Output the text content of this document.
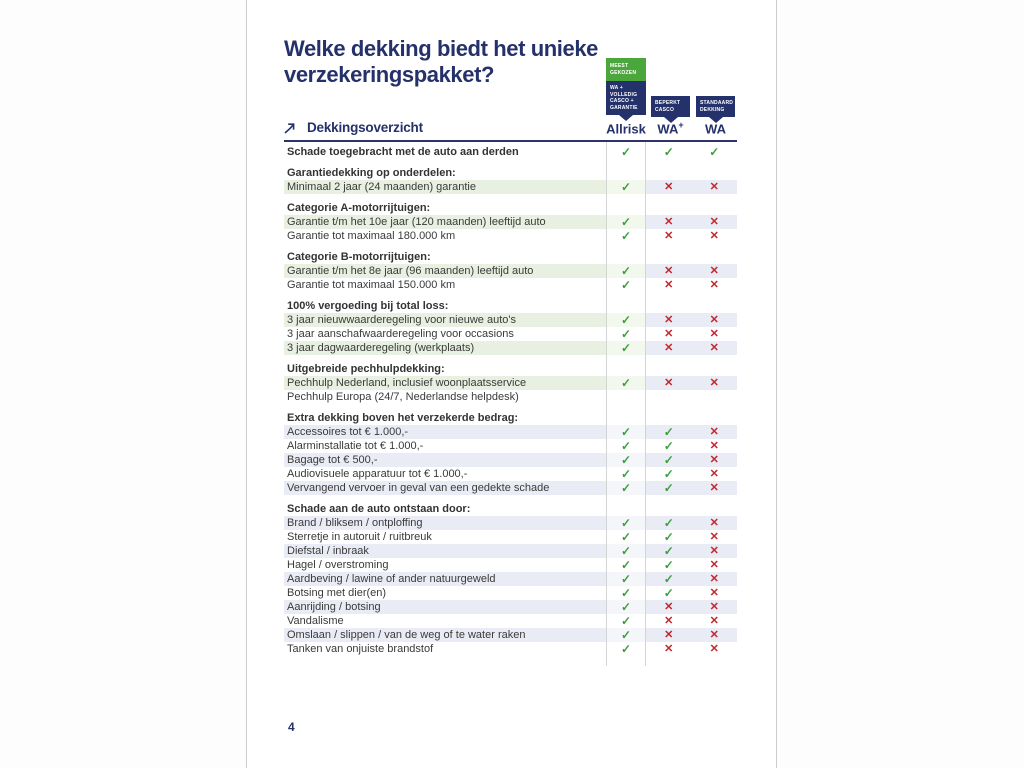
Welke dekking biedt het unieke
verzekeringspakket?	MEEST
GEKOZEN
WA +
VOLLEDIG
CASCO +
GARANTIE
BEPERKT
CASCO
STANDAARD
DEKKING
Dekkingsoverzicht	Allrisk WA+	WA
Schade toegebracht met de auto aan derden	✓	✓	✓
Garantiedekking op onderdelen:
Minimaal 2 jaar (24 maanden) garantie	✓	✕	✕
Categorie A-motorrijtuigen:
Garantie t/m het 10e jaar (120 maanden) leeftijd auto	✓	✕	✕
Garantie tot maximaal 180.000 km	✓	✕	✕
Categorie B-motorrijtuigen:
Garantie t/m het 8e jaar (96 maanden) leeftijd auto	✓	✕	✕
Garantie tot maximaal 150.000 km	✓	✕	✕
100% vergoeding bij total loss:
3 jaar nieuwwaarderegeling voor nieuwe auto's	✓	✕	✕
3 jaar aanschafwaarderegeling voor occasions	✓	✕	✕
3 jaar dagwaarderegeling (werkplaats)	✓	✕	✕
Uitgebreide pechhulpdekking:
Pechhulp Nederland, inclusief woonplaatsservice	✓	✕	✕
Pechhulp Europa (24/7, Nederlandse helpdesk)
Extra dekking boven het verzekerde bedrag:
Accessoires tot € 1.000,-	✓	✓	✕
Alarminstallatie tot € 1.000,-	✓	✓	✕
Bagage tot € 500,-	✓	✓	✕
Audiovisuele apparatuur tot € 1.000,-	✓	✓	✕
Vervangend vervoer in geval van een gedekte schade	✓	✓	✕
Schade aan de auto ontstaan door:
Brand / bliksem / ontploffing	✓	✓	✕
Sterretje in autoruit / ruitbreuk	✓	✓	✕
Diefstal / inbraak	✓	✓	✕
Hagel / overstroming	✓	✓	✕
Aardbeving / lawine of ander natuurgeweld	✓	✓	✕
Botsing met dier(en)	✓	✓	✕
Aanrijding / botsing	✓	✕	✕
Vandalisme	✓	✕	✕
Omslaan / slippen / van de weg of te water raken	✓	✕	✕
Tanken van onjuiste brandstof	✓	✕	✕
4
